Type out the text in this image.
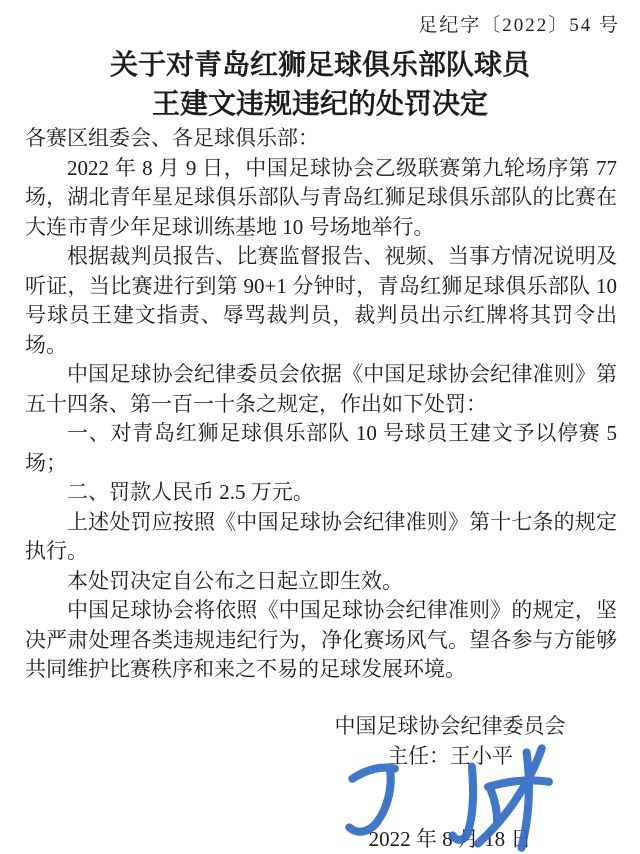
足纪字〔2022〕54 号
关于对青岛红狮足球俱乐部队球员
王建文违规违纪的处罚决定

各赛区组委会、各足球俱乐部：

2022 年 8 月 9 日，中国足球协会乙级联赛第九轮场序第 77 场，湖北青年星足球俱乐部队与青岛红狮足球俱乐部队的比赛在大连市青少年足球训练基地 10 号场地举行。

根据裁判员报告、比赛监督报告、视频、当事方情况说明及听证，当比赛进行到第 90+1 分钟时，青岛红狮足球俱乐部队 10 号球员王建文指责、辱骂裁判员，裁判员出示红牌将其罚令出场。

中国足球协会纪律委员会依据《中国足球协会纪律准则》第五十四条、第一百一十条之规定，作出如下处罚：

一、对青岛红狮足球俱乐部队 10 号球员王建文予以停赛 5 场；

二、罚款人民币 2.5 万元。

上述处罚应按照《中国足球协会纪律准则》第十七条的规定执行。

本处罚决定自公布之日起立即生效。

中国足球协会将依照《中国足球协会纪律准则》的规定，坚决严肃处理各类违规违纪行为，净化赛场风气。望各参与方能够共同维护比赛秩序和来之不易的足球发展环境。

中国足球协会纪律委员会
主任：王小平
2022 年 8 月 18 日
